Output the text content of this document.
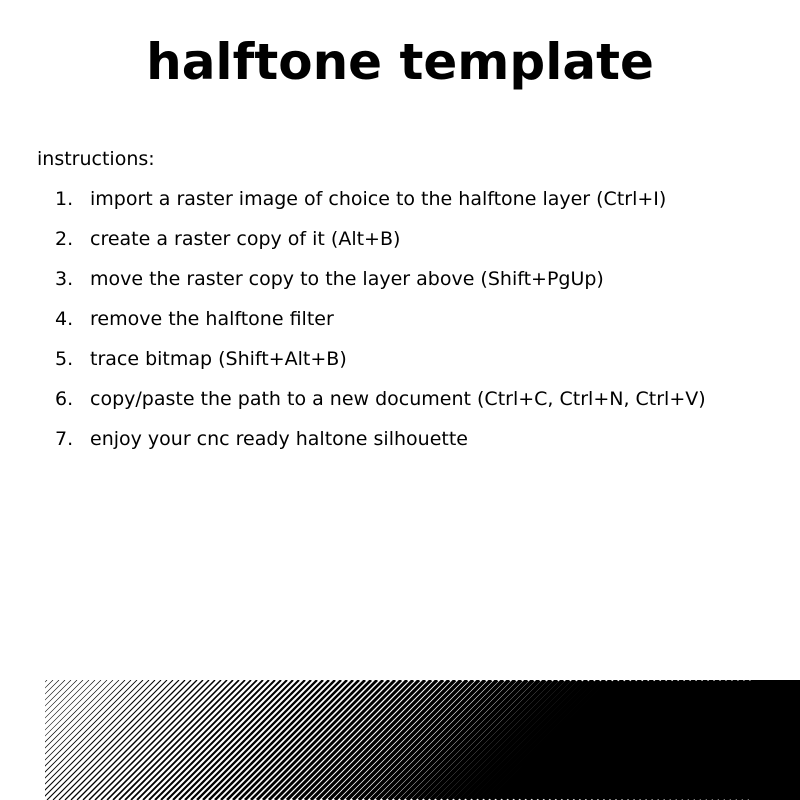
halftone template
instructions:
1. import a raster image of choice to the halftone layer (Ctrl+I)
2. create a raster copy of it (Alt+B)
3. move the raster copy to the layer above (Shift+PgUp)
4. remove the halftone filter
5. trace bitmap (Shift+Alt+B)
6. copy/paste the path to a new document (Ctrl+C, Ctrl+N, Ctrl+V)
7. enjoy your cnc ready haltone silhouette
